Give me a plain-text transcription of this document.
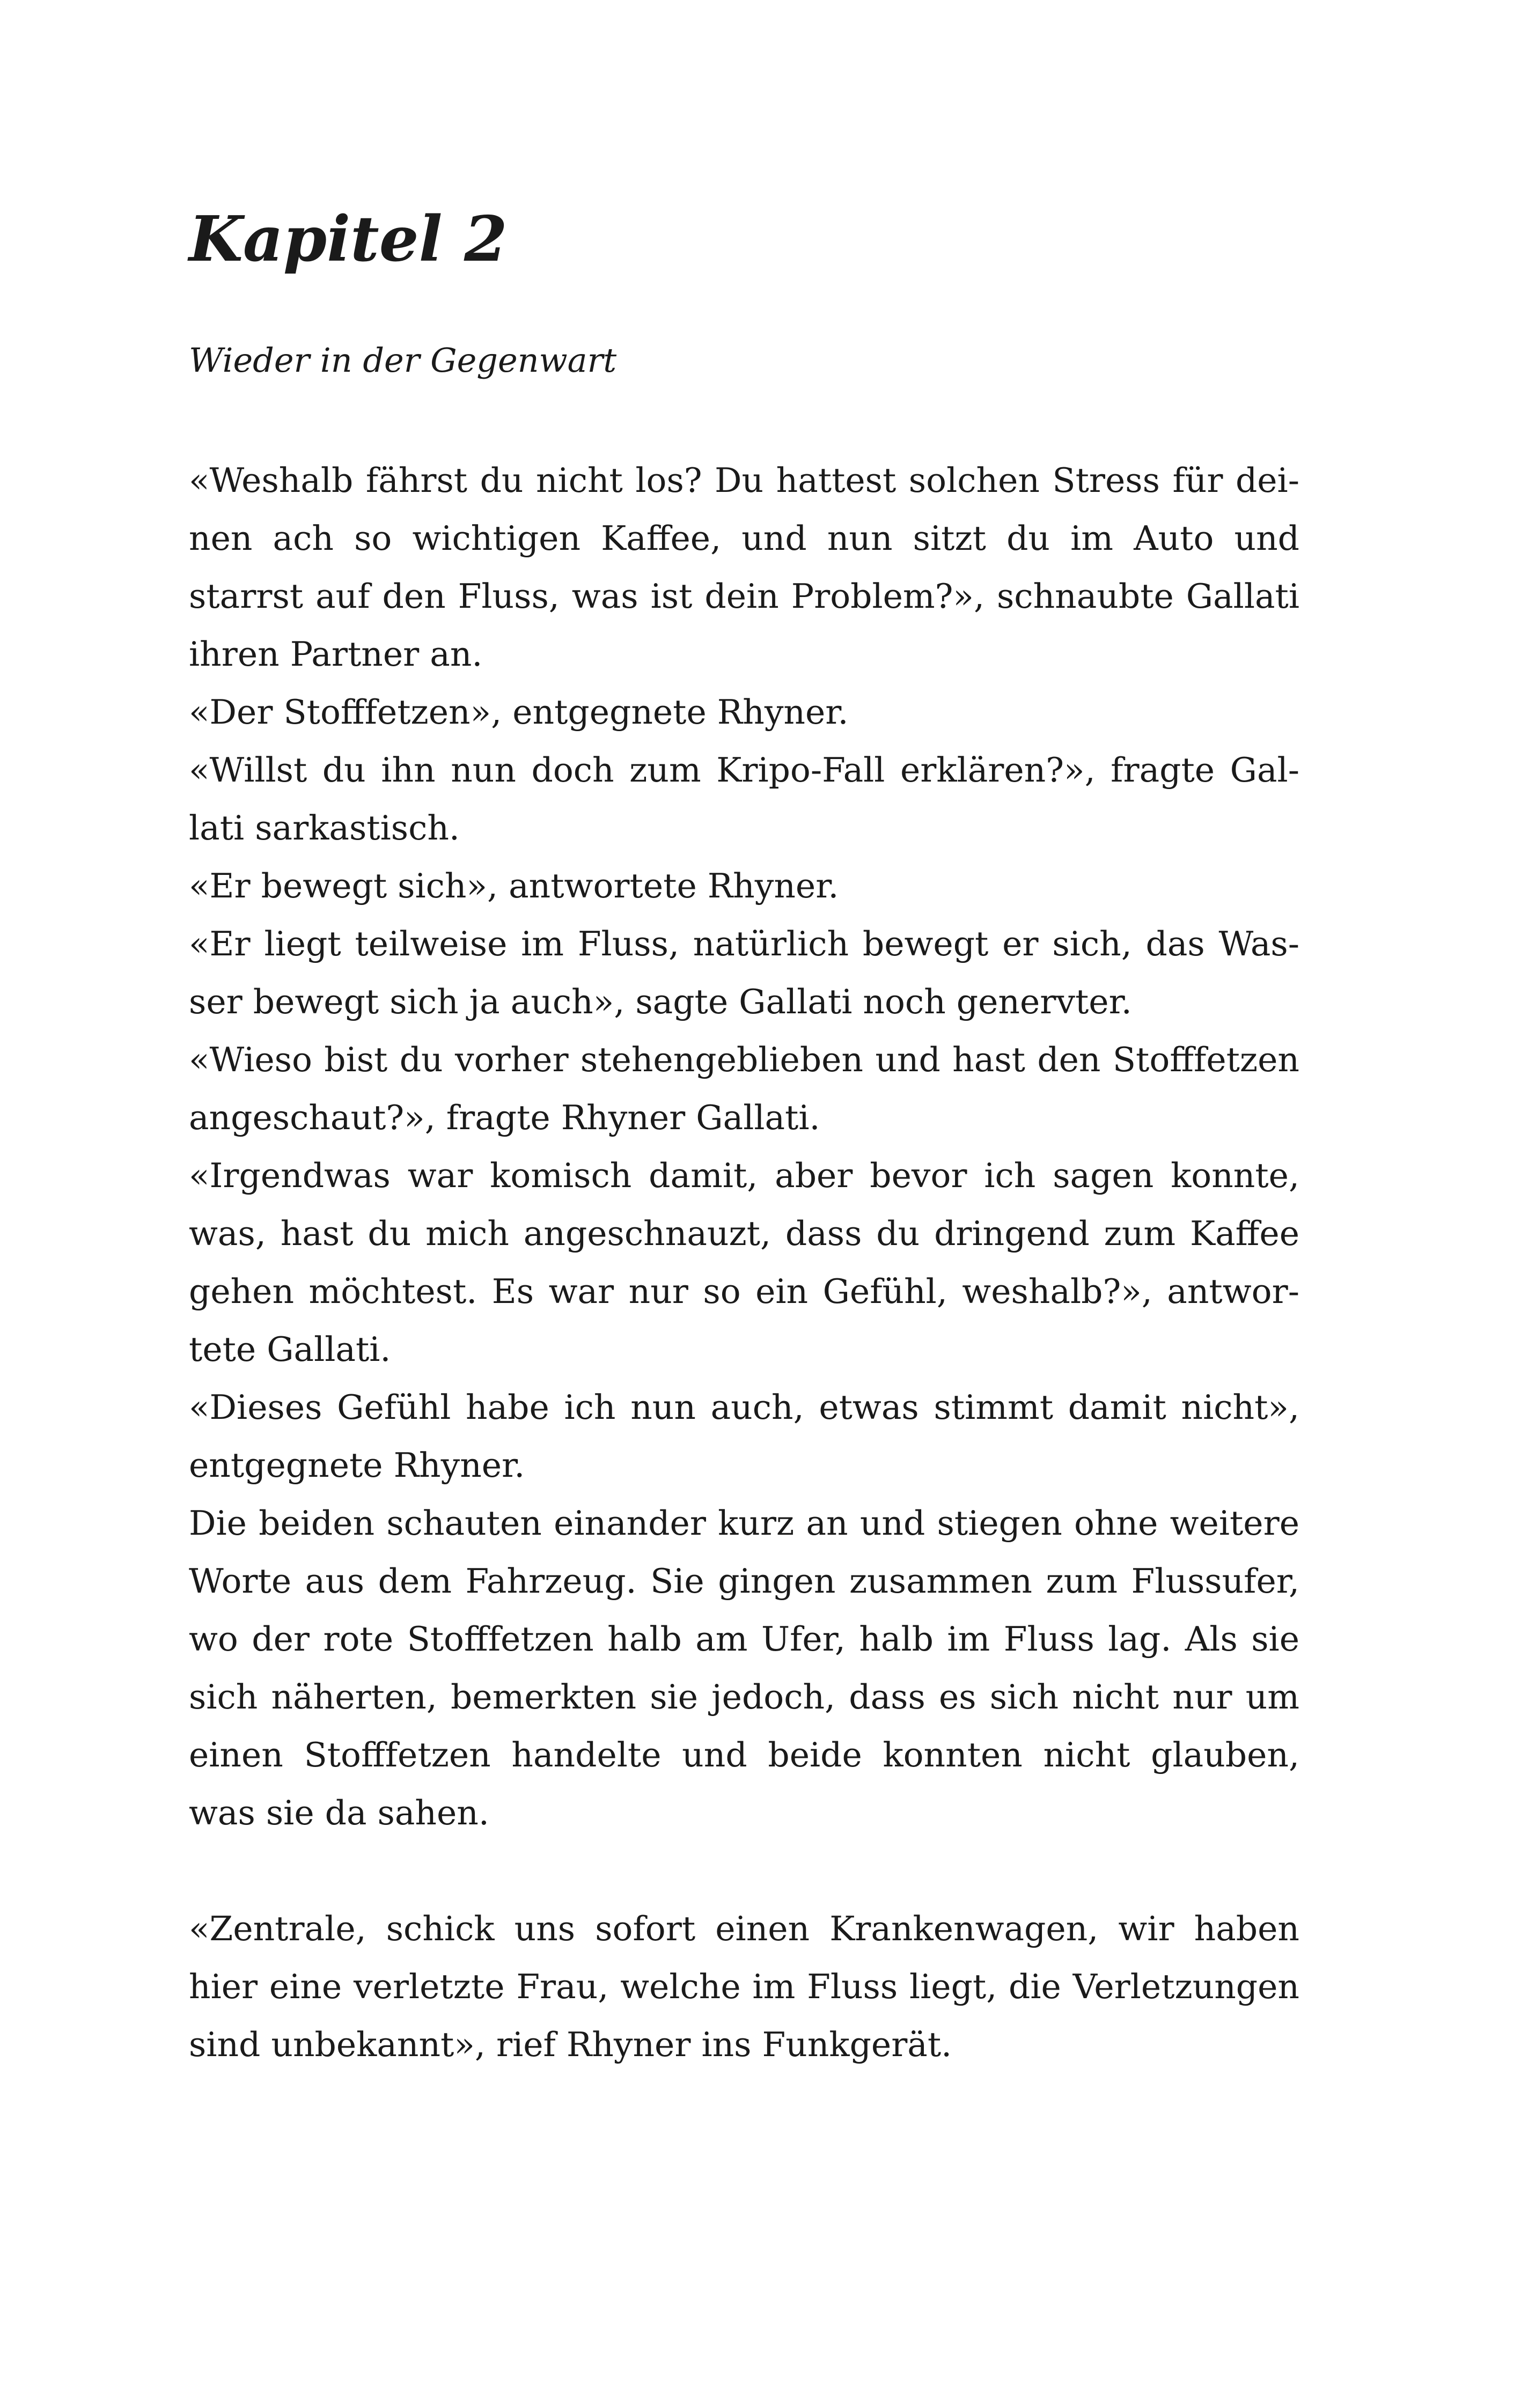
Kapitel 2

Wieder in der Gegenwart

«Weshalb fährst du nicht los? Du hattest solchen Stress für dei-
nen ach so wichtigen Kaffee, und nun sitzt du im Auto und
starrst auf den Fluss, was ist dein Problem?», schnaubte Gallati
ihren Partner an.
«Der Stofffetzen», entgegnete Rhyner.
«Willst du ihn nun doch zum Kripo-Fall erklären?», fragte Gal-
lati sarkastisch.
«Er bewegt sich», antwortete Rhyner.
«Er liegt teilweise im Fluss, natürlich bewegt er sich, das Was-
ser bewegt sich ja auch», sagte Gallati noch genervter.
«Wieso bist du vorher stehengeblieben und hast den Stofffetzen
angeschaut?», fragte Rhyner Gallati.
«Irgendwas war komisch damit, aber bevor ich sagen konnte,
was, hast du mich angeschnauzt, dass du dringend zum Kaffee
gehen möchtest. Es war nur so ein Gefühl, weshalb?», antwor-
tete Gallati.
«Dieses Gefühl habe ich nun auch, etwas stimmt damit nicht»,
entgegnete Rhyner.
Die beiden schauten einander kurz an und stiegen ohne weitere
Worte aus dem Fahrzeug. Sie gingen zusammen zum Flussufer,
wo der rote Stofffetzen halb am Ufer, halb im Fluss lag. Als sie
sich näherten, bemerkten sie jedoch, dass es sich nicht nur um
einen Stofffetzen handelte und beide konnten nicht glauben,
was sie da sahen.
«Zentrale, schick uns sofort einen Krankenwagen, wir haben
hier eine verletzte Frau, welche im Fluss liegt, die Verletzungen
sind unbekannt», rief Rhyner ins Funkgerät.
